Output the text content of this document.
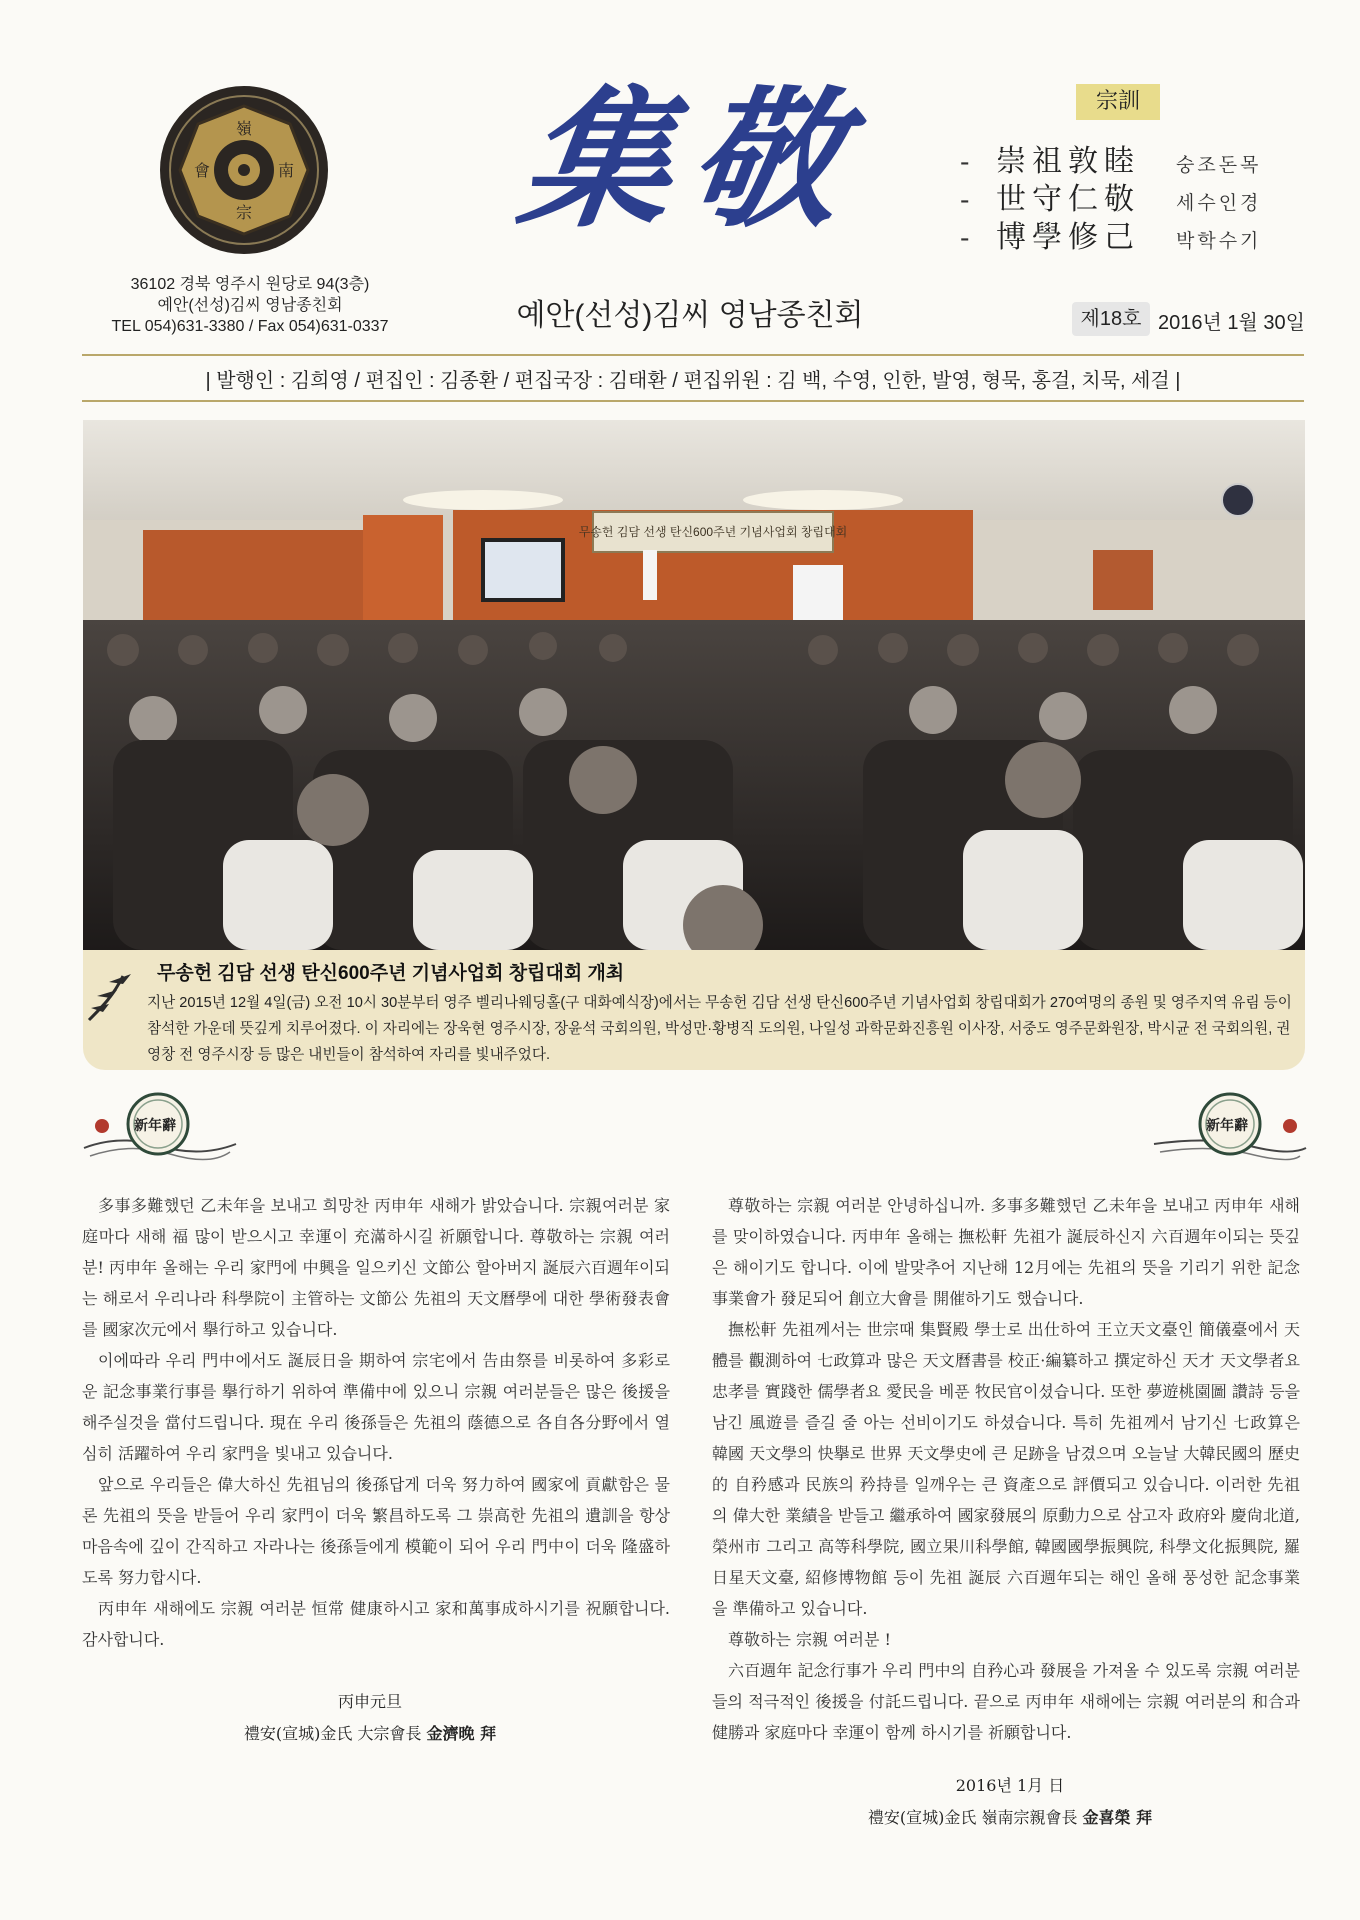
嶺
南
宗
會
36102 경북 영주시 원당로 94(3층)
예안(선성)김씨 영남종친회
TEL 054)631-3380 / Fax 054)631-0337
集敬
예안(선성)김씨 영남종친회
宗訓
- 崇祖敦睦	숭조돈목
- 世守仁敬	세수인경
- 博學修己	박학수기
제18호 2016년 1월 30일
| 발행인 : 김희영 / 편집인 : 김종환 / 편집국장 : 김태환 / 편집위원 : 김 백, 수영, 인한, 발영, 형묵, 홍걸, 치묵, 세걸 |
무송헌 김담 선생 탄신600주년 기념사업회 창립대회
무송헌 김담 선생 탄신600주년 기념사업회 창립대회 개최
지난 2015년 12월 4일(금) 오전 10시 30분부터 영주 벨리나웨딩홀(구 대화예식장)에서는 무송헌 김담 선생 탄신600주년 기념사업회 창립대회가 270여명의 종원 및 영주지역 유림 등이 참석한 가운데 뜻깊게 치루어졌다. 이 자리에는 장욱현 영주시장, 장윤석 국회의원, 박성만·황병직 도의원, 나일성 과학문화진흥원 이사장, 서중도 영주문화원장, 박시균 전 국회의원, 권영창 전 영주시장 등 많은 내빈들이 참석하여 자리를 빛내주었다.
新年辭	新年辭

多事多難했던 乙未年을 보내고 희망찬 丙申年 새해가 밝았습니다. 宗親여러분 家庭마다 새해 福 많이 받으시고 幸運이 充滿하시길 祈願합니다. 尊敬하는 宗親 여러분! 丙申年 올해는 우리 家門에 中興을 일으키신 文節公 할아버지 誕辰六百週年이되는 해로서 우리나라 科學院이 主管하는 文節公 先祖의 天文曆學에 대한 學術發表會를 國家次元에서 擧行하고 있습니다.

이에따라 우리 門中에서도 誕辰日을 期하여 宗宅에서 告由祭를 비롯하여 多彩로운 記念事業行事를 擧行하기 위하여 準備中에 있으니 宗親 여러분들은 많은 後援을 해주실것을 當付드립니다. 現在 우리 後孫들은 先祖의 蔭德으로 各自各分野에서 열심히 活躍하여 우리 家門을 빛내고 있습니다.

앞으로 우리들은 偉大하신 先祖님의 後孫답게 더욱 努力하여 國家에 貢獻함은 물론 先祖의 뜻을 받들어 우리 家門이 더욱 繁昌하도록 그 崇高한 先祖의 遺訓을 항상 마음속에 깊이 간직하고 자라나는 後孫들에게 模範이 되어 우리 門中이 더욱 隆盛하도록 努力합시다.

丙申年 새해에도 宗親 여러분 恒常 健康하시고 家和萬事成하시기를 祝願합니다. 감사합니다.

丙申元旦
禮安(宣城)金氏 大宗會長 金濟晚 拜

尊敬하는 宗親 여러분 안녕하십니까. 多事多難했던 乙未年을 보내고 丙申年 새해를 맞이하였습니다. 丙申年 올해는 撫松軒 先祖가 誕辰하신지 六百週年이되는 뜻깊은 해이기도 합니다. 이에 발맞추어 지난해 12月에는 先祖의 뜻을 기리기 위한 記念事業會가 發足되어 創立大會를 開催하기도 했습니다.

撫松軒 先祖께서는 世宗때 集賢殿 學士로 出仕하여 王立天文臺인 簡儀臺에서 天體를 觀測하여 七政算과 많은 天文曆書를 校正·編纂하고 撰定하신 天才 天文學者요 忠孝를 實踐한 儒學者요 愛民을 베푼 牧民官이셨습니다. 또한 夢遊桃園圖 讚詩 등을 남긴 風遊를 즐길 줄 아는 선비이기도 하셨습니다. 특히 先祖께서 남기신 七政算은 韓國 天文學의 快擧로 世界 天文學史에 큰 足跡을 남겼으며 오늘날 大韓民國의 歷史的 自矜感과 民族의 矜持를 일깨우는 큰 資產으로 評價되고 있습니다. 이러한 先祖의 偉大한 業績을 받들고 繼承하여 國家發展의 原動力으로 삼고자 政府와 慶尙北道, 榮州市 그리고 高等科學院, 國立果川科學館, 韓國國學振興院, 科學文化振興院, 羅日星天文臺, 紹修博物館 등이 先祖 誕辰 六百週年되는 해인 올해 풍성한 記念事業을 準備하고 있습니다.

尊敬하는 宗親 여러분 !

六百週年 記念行事가 우리 門中의 自矜心과 發展을 가져올 수 있도록 宗親 여러분들의 적극적인 後援을 付託드립니다. 끝으로 丙申年 새해에는 宗親 여러분의 和合과 健勝과 家庭마다 幸運이 함께 하시기를 祈願합니다.

2016년 1月 日
禮安(宣城)金氏 嶺南宗親會長 金喜榮 拜
